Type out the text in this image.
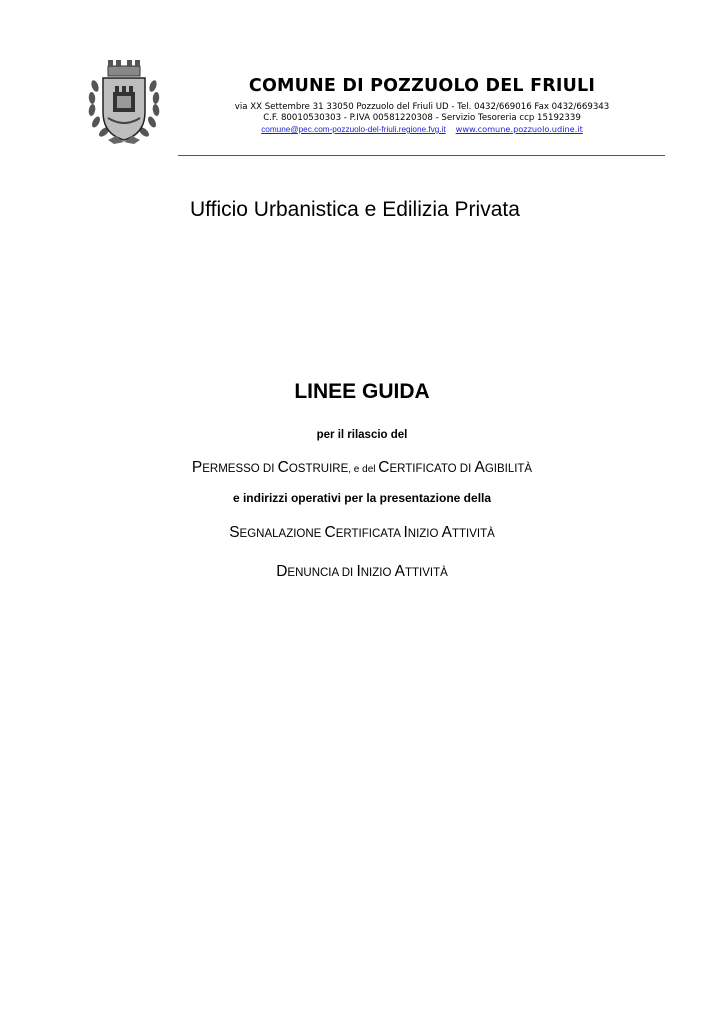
COMUNE DI POZZUOLO DEL FRIULI
via XX Settembre 31 33050 Pozzuolo del Friuli UD - Tel. 0432/669016 Fax 0432/669343
C.F. 80010530303 - P.IVA 00581220308 - Servizio Tesoreria ccp 15192339
comune@pec.com-pozzuolo-del-friuli.regione.fvg.it www.comune.pozzuolo.udine.it
Ufficio Urbanistica e Edilizia Privata
LINEE GUIDA
per il rilascio del
PERMESSO DI COSTRUIRE, e del CERTIFICATO DI AGIBILITÀ
e indirizzi operativi per la presentazione della
SEGNALAZIONE CERTIFICATA INIZIO ATTIVITÀ
DENUNCIA DI INIZIO ATTIVITÀ
